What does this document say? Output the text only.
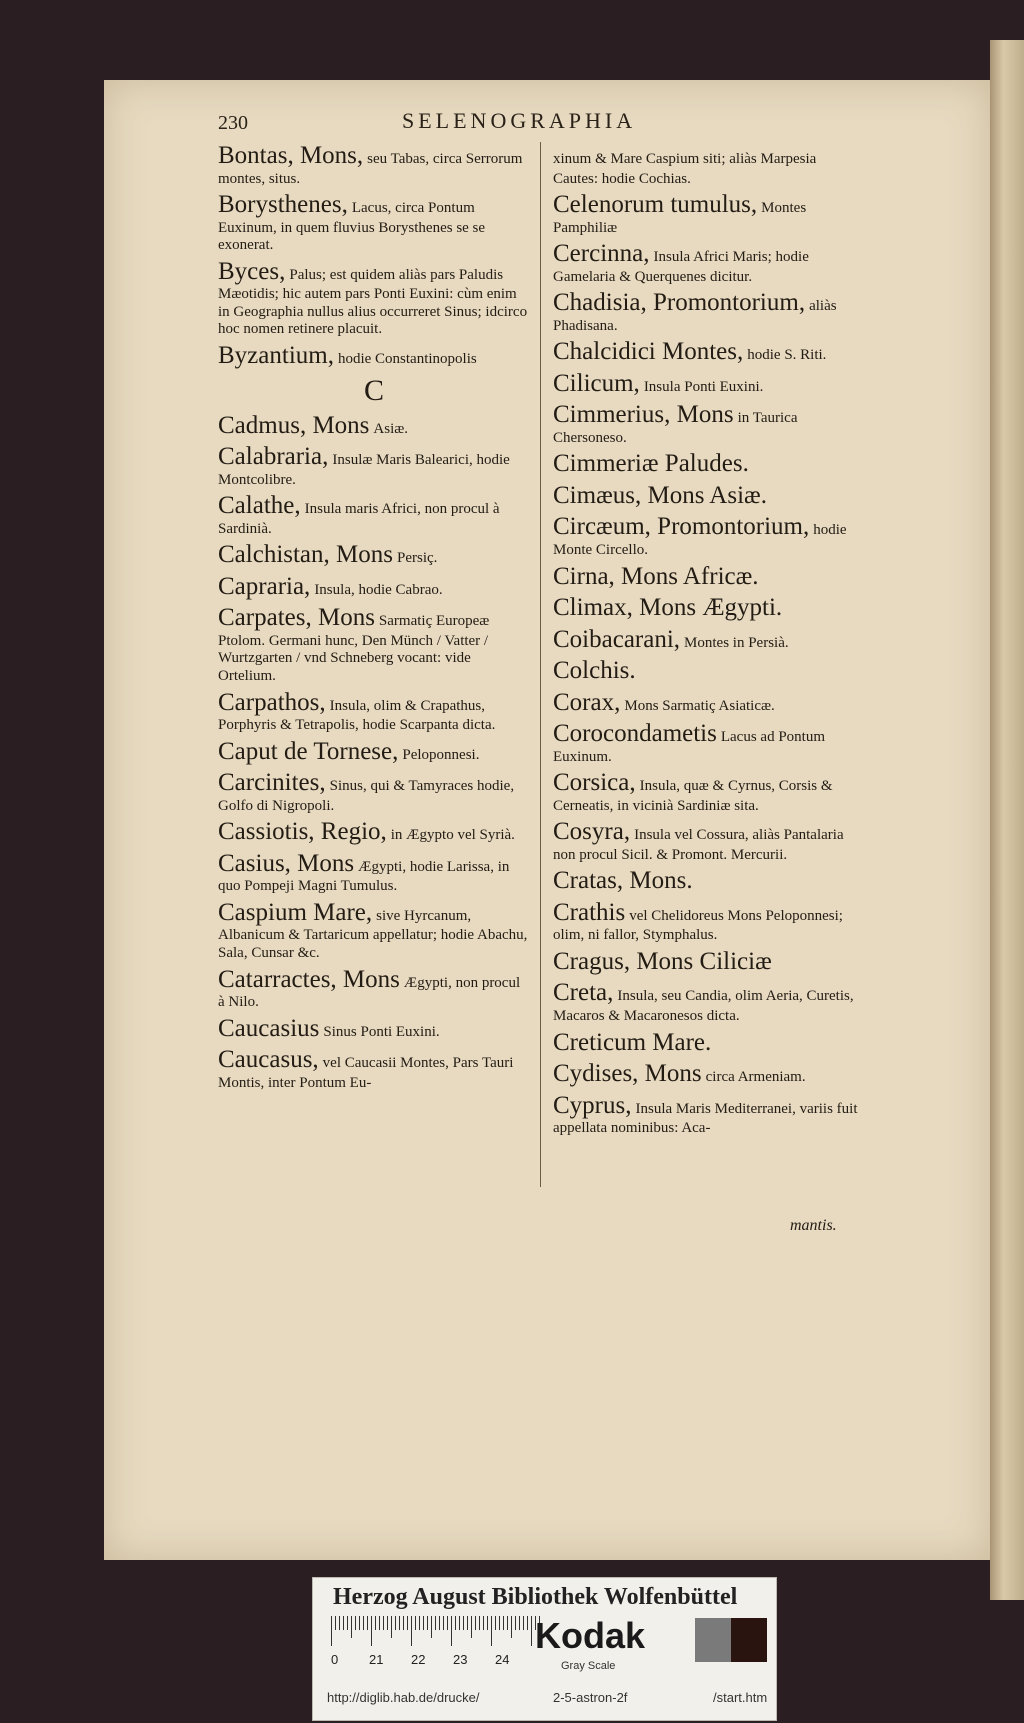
230	SELENOGRAPHIA
Bontas, Mons, seu Tabas, circa Serrorum montes, situs.
Borysthenes, Lacus, circa Pontum Euxinum, in quem fluvius Borysthenes se se exonerat.
Byces, Palus; est quidem aliàs pars Paludis Mæotidis; hic autem pars Ponti Euxini: cùm enim in Geographia nullus alius occurreret Sinus; idcirco hoc nomen retinere placuit.
Byzantium, hodie Constantinopolis
C
Cadmus, Mons Asiæ.
Calabraria, Insulæ Maris Balearici, hodie Montcolibre.
Calathe, Insula maris Africi, non procul à Sardinià.
Calchistan, Mons Persiç.
Capraria, Insula, hodie Cabrao.
Carpates, Mons Sarmatiç Europeæ Ptolom. Germani hunc, Den Münch / Vatter / Wurtzgarten / vnd Schneberg vocant: vide Ortelium.
Carpathos, Insula, olim & Crapathus, Porphyris & Tetrapolis, hodie Scarpanta dicta.
Caput de Tornese, Peloponnesi.
Carcinites, Sinus, qui & Tamyraces hodie, Golfo di Nigropoli.
Cassiotis, Regio, in Ægypto vel Syrià.
Casius, Mons Ægypti, hodie Larissa, in quo Pompeji Magni Tumulus.
Caspium Mare, sive Hyrcanum, Albanicum & Tartaricum appellatur; hodie Abachu, Sala, Cunsar &c.
Catarractes, Mons Ægypti, non procul à Nilo.
Caucasius Sinus Ponti Euxini.
Caucasus, vel Caucasii Montes, Pars Tauri Montis, inter Pontum Eu-
xinum & Mare Caspium siti; aliàs Marpesia Cautes: hodie Cochias.
Celenorum tumulus, Montes Pamphiliæ
Cercinna, Insula Africi Maris; hodie Gamelaria & Querquenes dicitur.
Chadisia, Promontorium, aliàs Phadisana.
Chalcidici Montes, hodie S. Riti.
Cilicum, Insula Ponti Euxini.
Cimmerius, Mons in Taurica Chersoneso.
Cimmeriæ Paludes.
Cimæus, Mons Asiæ.
Circæum, Promontorium, hodie Monte Circello.
Cirna, Mons Africæ.
Climax, Mons Ægypti.
Coibacarani, Montes in Persià.
Colchis.
Corax, Mons Sarmatiç Asiaticæ.
Corocondametis Lacus ad Pontum Euxinum.
Corsica, Insula, quæ & Cyrnus, Corsis & Cerneatis, in vicinià Sardiniæ sita.
Cosyra, Insula vel Cossura, aliàs Pantalaria non procul Sicil. & Promont. Mercurii.
Cratas, Mons.
Crathis vel Chelidoreus Mons Peloponnesi; olim, ni fallor, Stymphalus.
Cragus, Mons Ciliciæ
Creta, Insula, seu Candia, olim Aeria, Curetis, Macaros & Macaronesos dicta.
Creticum Mare.
Cydises, Mons circa Armeniam.
Cyprus, Insula Maris Mediterranei, variis fuit appellata nominibus: Aca-
mantis.
Herzog August Bibliothek Wolfenbüttel
0 21 22 23 24
Kodak
Gray Scale
http://diglib.hab.de/drucke/	2-5-astron-2f	/start.htm
